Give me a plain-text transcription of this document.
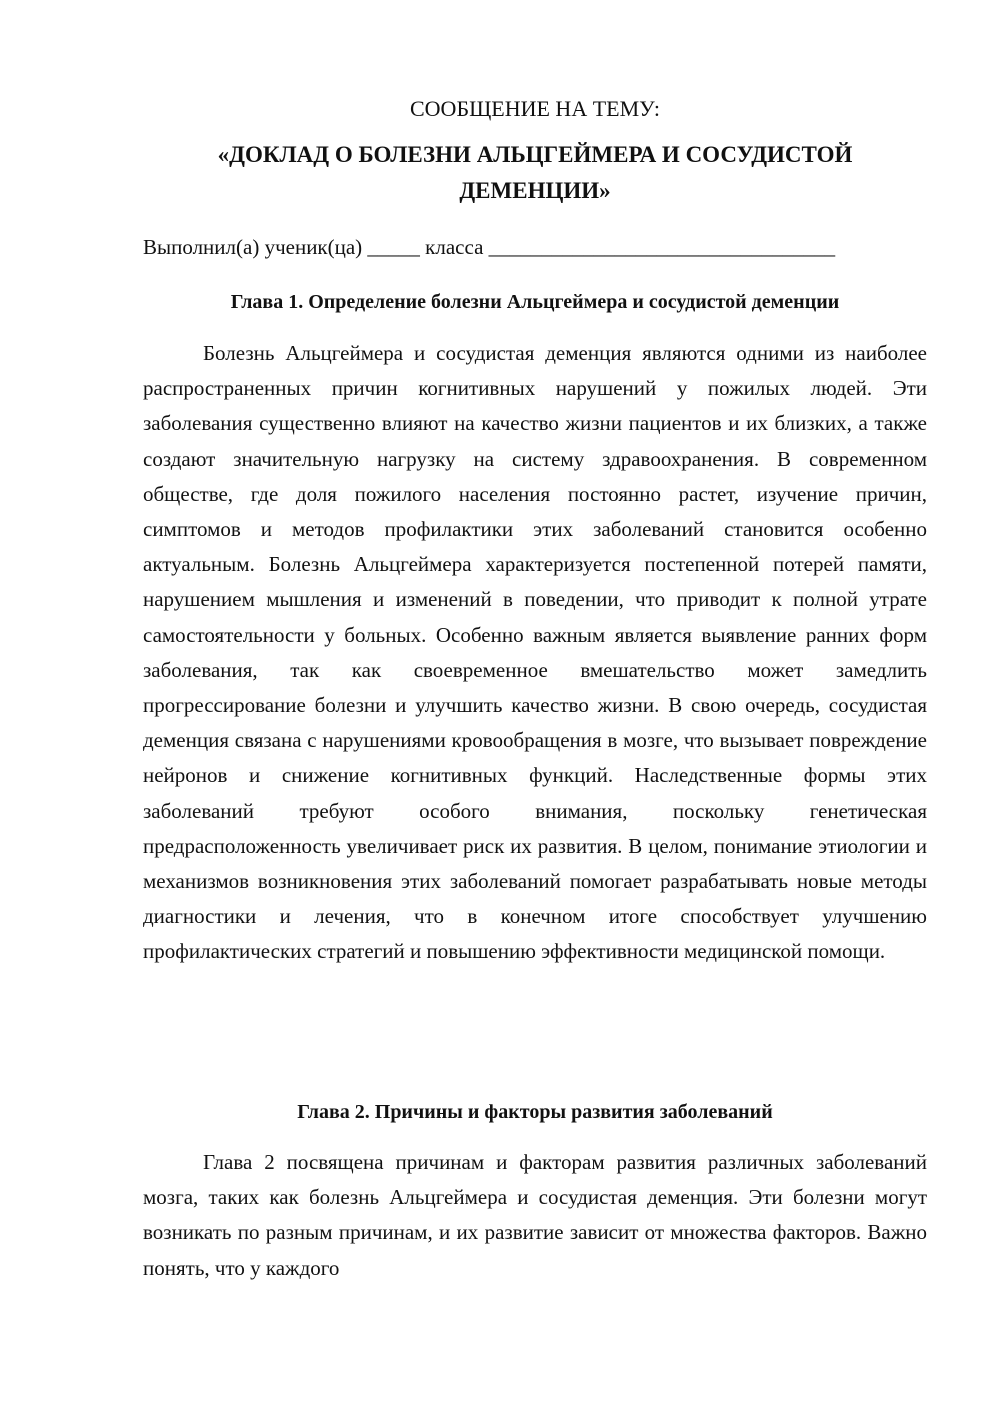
СООБЩЕНИЕ НА ТЕМУ:
«ДОКЛАД О БОЛЕЗНИ АЛЬЦГЕЙМЕРА И СОСУДИСТОЙ
ДЕМЕНЦИИ»
Выполнил(а) ученик(ца) _____ класса _________________________________
Глава 1. Определение болезни Альцгеймера и сосудистой деменции
Болезнь Альцгеймера и сосудистая деменция являются одними из наиболее распространенных причин когнитивных нарушений у пожилых людей. Эти заболевания существенно влияют на качество жизни пациентов и их близких, а также создают значительную нагрузку на систему здравоохранения. В современном обществе, где доля пожилого населения постоянно растет, изучение причин, симптомов и методов профилактики этих заболеваний становится особенно актуальным. Болезнь Альцгеймера характеризуется постепенной потерей памяти, нарушением мышления и изменений в поведении, что приводит к полной утрате самостоятельности у больных. Особенно важным является выявление ранних форм заболевания, так как своевременное вмешательство может замедлить прогрессирование болезни и улучшить качество жизни. В свою очередь, сосудистая деменция связана с нарушениями кровообращения в мозге, что вызывает повреждение нейронов и снижение когнитивных функций. Наследственные формы этих заболеваний требуют особого внимания, поскольку генетическая предрасположенность увеличивает риск их развития. В целом, понимание этиологии и механизмов возникновения этих заболеваний помогает разрабатывать новые методы диагностики и лечения, что в конечном итоге способствует улучшению профилактических стратегий и повышению эффективности медицинской помощи.
Глава 2. Причины и факторы развития заболеваний
Глава 2 посвящена причинам и факторам развития различных заболеваний мозга, таких как болезнь Альцгеймера и сосудистая деменция. Эти болезни могут возникать по разным причинам, и их развитие зависит от множества факторов. Важно понять, что у каждого
